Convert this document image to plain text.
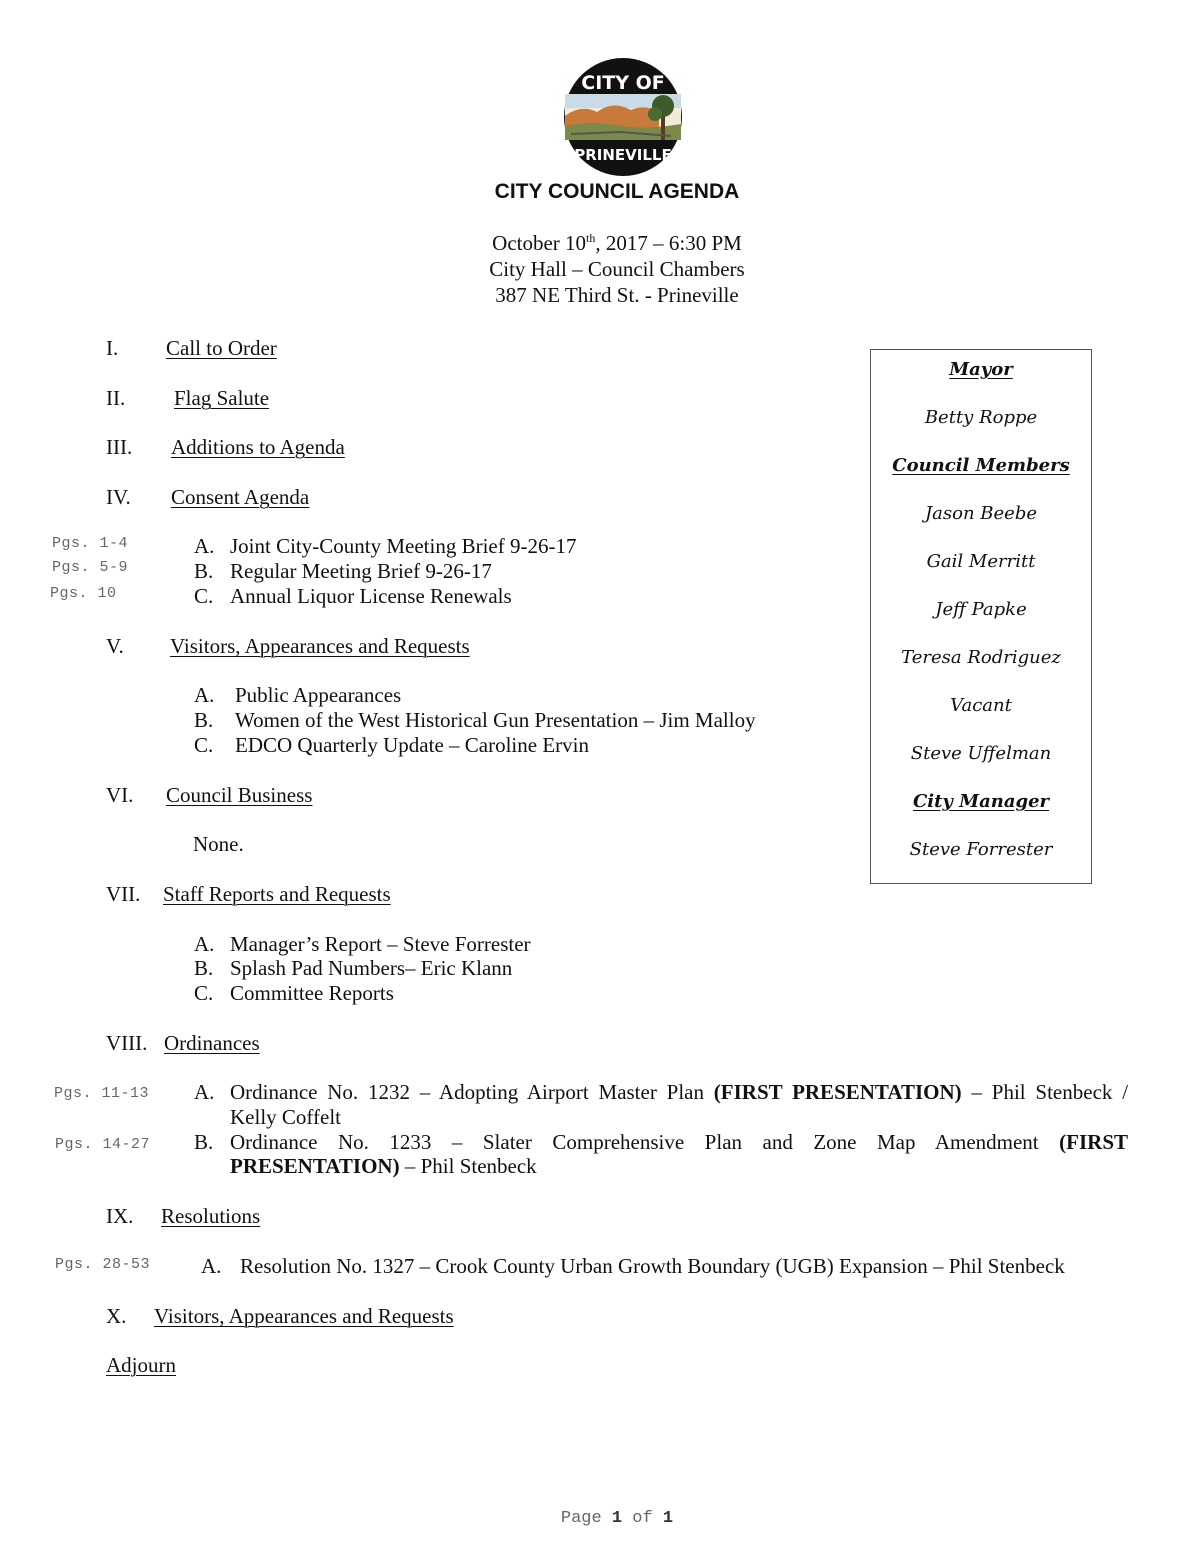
CITY OF
PRINEVILLE
CITY COUNCIL AGENDA
October 10th, 2017 – 6:30 PM
City Hall – Council Chambers
387 NE Third St. - Prineville
I. Call to Order
II. Flag Salute
III. Additions to Agenda
IV. Consent Agenda
Pgs. 1-4	A. Joint City-County Meeting Brief 9-26-17
Pgs. 5-9	B. Regular Meeting Brief 9-26-17
Pgs. 10	C. Annual Liquor License Renewals
V. Visitors, Appearances and Requests
A. Public Appearances
B. Women of the West Historical Gun Presentation – Jim Malloy
C. EDCO Quarterly Update – Caroline Ervin
VI. Council Business
None.
VII. Staff Reports and Requests
A. Manager’s Report – Steve Forrester
B. Splash Pad Numbers– Eric Klann
C. Committee Reports
VIII. Ordinances
Pgs. 11-13 A. Ordinance No. 1232 – Adopting Airport Master Plan (FIRST PRESENTATION) – Phil Stenbeck /
Kelly Coffelt
Pgs. 14-27 B. Ordinance No. 1233 – Slater Comprehensive Plan and Zone Map Amendment (FIRST
PRESENTATION) – Phil Stenbeck
IX. Resolutions
Pgs. 28-53 A. Resolution No. 1327 – Crook County Urban Growth Boundary (UGB) Expansion – Phil Stenbeck
X. Visitors, Appearances and Requests
Adjourn
Mayor
Betty Roppe
Council Members
Jason Beebe
Gail Merritt
Jeff Papke
Teresa Rodriguez
Vacant
Steve Uffelman
City Manager
Steve Forrester
Page 1 of 1
